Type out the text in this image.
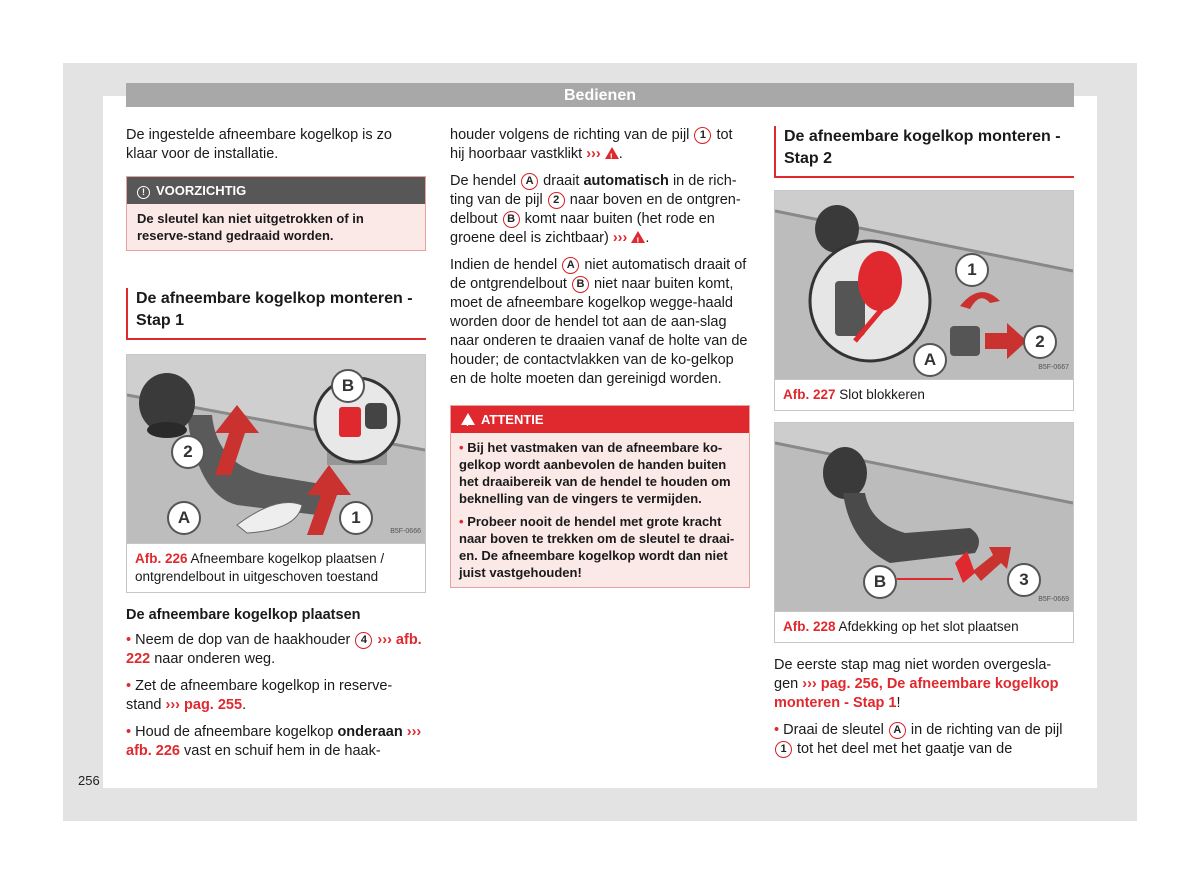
Bedienen
256

De ingestelde afneembare kogelkop is zo klaar voor de installatie.

! VOORZICHTIG
De sleutel kan niet uitgetrokken of in reserve-stand gedraaid worden.
De afneembare kogelkop monteren - Stap 1
B
2
A	1
B5F-0666
Afb. 226 Afneembare kogelkop plaatsen / ontgrendelbout in uitgeschoven toestand

De afneembare kogelkop plaatsen

• Neem de dop van de haakhouder 4 ››› afb. 222 naar onderen weg.

• Zet de afneembare kogelkop in reserve-stand ››› pag. 255.

• Houd de afneembare kogelkop onderaan ››› afb. 226 vast en schuif hem in de haak-

houder volgens de richting van de pijl 1 tot hij hoorbaar vastklikt ››› ! .

De hendel A draait automatisch in de rich-ting van de pijl 2 naar boven en de ontgren-delbout B komt naar buiten (het rode en groene deel is zichtbaar) ››› ! .

Indien de hendel A niet automatisch draait of de ontgrendelbout B niet naar buiten komt, moet de afneembare kogelkop wegge-haald worden door de hendel tot aan de aan-slag naar onderen te draaien vanaf de holte van de houder; de contactvlakken van de ko-gelkop en de holte moeten dan gereinigd worden.

!ATTENTIE

• Bij het vastmaken van de afneembare ko-gelkop wordt aanbevolen de handen buiten het draaibereik van de hendel te houden om beknelling van de vingers te vermijden.

• Probeer nooit de hendel met grote kracht naar boven te trekken om de sleutel te draai-en. De afneembare kogelkop wordt dan niet juist vastgehouden!

De afneembare kogelkop monteren - Stap 2
1
2
A	B5F-0667
Afb. 227 Slot blokkeren
B	3
B5F-0669
Afb. 228 Afdekking op het slot plaatsen

De eerste stap mag niet worden overgesla-gen ››› pag. 256, De afneembare kogelkop monteren - Stap 1!

• Draai de sleutel A in de richting van de pijl 1 tot het deel met het gaatje van de
